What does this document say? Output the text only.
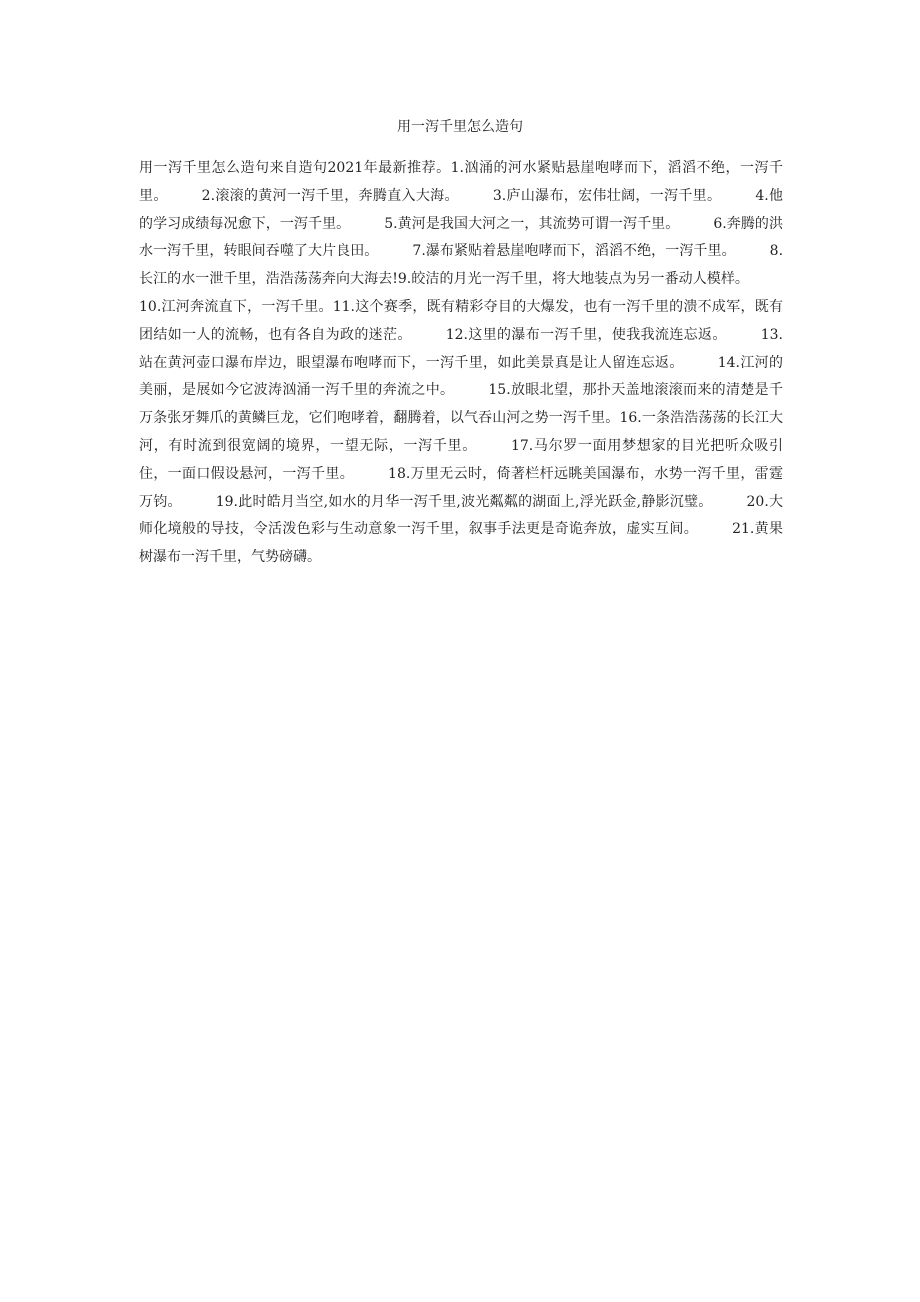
用一泻千里怎么造句
用一泻千里怎么造句来自造句2021年最新推荐。1.汹涌的河水紧贴悬崖咆哮而下，滔滔不绝，一泻千里。 2.滚滚的黄河一泻千里，奔腾直入大海。 3.庐山瀑布，宏伟壮阔，一泻千里。 4.他的学习成绩每况愈下，一泻千里。 5.黄河是我国大河之一，其流势可谓一泻千里。 6.奔腾的洪水一泻千里，转眼间吞噬了大片良田。 7.瀑布紧贴着悬崖咆哮而下，滔滔不绝，一泻千里。 8.长江的水一泄千里，浩浩荡荡奔向大海去!9.皎洁的月光一泻千里，将大地装点为另一番动人模样。10.江河奔流直下，一泻千里。11.这个赛季，既有精彩夺目的大爆发，也有一泻千里的溃不成军，既有团结如一人的流畅，也有各自为政的迷茫。 12.这里的瀑布一泻千里，使我我流连忘返。 13.站在黄河壶口瀑布岸边，眼望瀑布咆哮而下，一泻千里，如此美景真是让人留连忘返。 14.江河的美丽，是展如今它波涛汹涌一泻千里的奔流之中。 15.放眼北望，那扑天盖地滚滚而来的清楚是千万条张牙舞爪的黄鳞巨龙，它们咆哮着，翻腾着，以气吞山河之势一泻千里。16.一条浩浩荡荡的长江大河，有时流到很宽阔的境界，一望无际，一泻千里。 17.马尔罗一面用梦想家的目光把听众吸引住，一面口假设悬河，一泻千里。 18.万里无云时，倚著栏杆远眺美国瀑布，水势一泻千里，雷霆万钧。 19.此时皓月当空,如水的月华一泻千里,波光粼粼的湖面上,浮光跃金,静影沉璧。 20.大师化境般的导技，令活泼色彩与生动意象一泻千里，叙事手法更是奇诡奔放，虚实互间。 21.黄果树瀑布一泻千里，气势磅礴。
